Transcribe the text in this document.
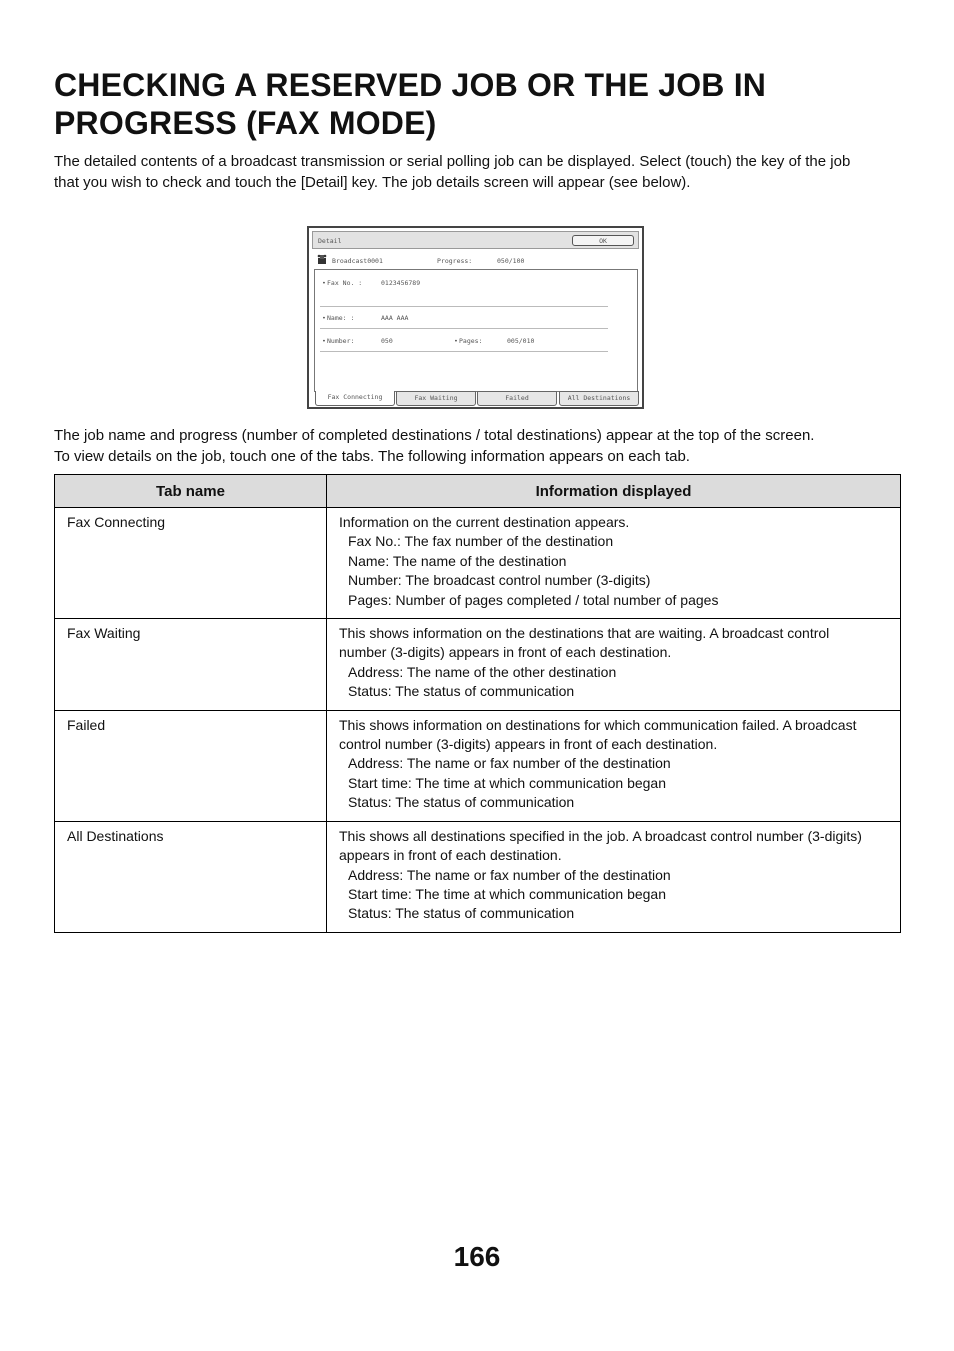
CHECKING A RESERVED JOB OR THE JOB IN PROGRESS (FAX MODE)

The detailed contents of a broadcast transmission or serial polling job can be displayed. Select (touch) the key of the job
that you wish to check and touch the [Detail] key. The job details screen will appear (see below).

Detail	OK
Broadcast0001	Progress:	050/100
• Fax No. :	0123456789
• Name: :	AAA AAA
• Number:	050	• Pages:	005/010
Fax Connecting	Fax Waiting	Failed	All Destinations

The job name and progress (number of completed destinations / total destinations) appear at the top of the screen.
To view details on the job, touch one of the tabs. The following information appears on each tab.

Tab name	Information displayed
Fax Connecting	Information on the current destination appears.
Fax No.: The fax number of the destination
Name: The name of the destination
Number: The broadcast control number (3-digits)
Pages: Number of pages completed / total number of pages

Fax Waiting	This shows information on the destinations that are waiting. A broadcast control
number (3-digits) appears in front of each destination.
Address: The name of the other destination
Status: The status of communication

Failed	This shows information on destinations for which communication failed. A broadcast
control number (3-digits) appears in front of each destination.
Address: The name or fax number of the destination
Start time: The time at which communication began
Status: The status of communication

All Destinations	This shows all destinations specified in the job. A broadcast control number (3-digits)
appears in front of each destination.
Address: The name or fax number of the destination
Start time: The time at which communication began
Status: The status of communication

166
